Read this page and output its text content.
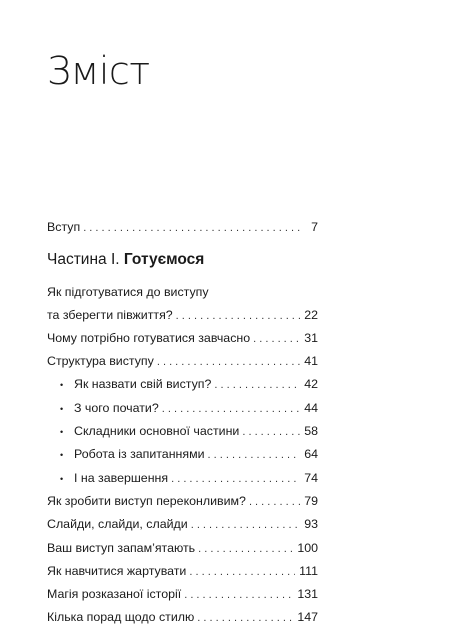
Зміст
Вступ . . .	7
Частина І. Готуємося
Як підготуватися до виступу
та зберегти півжиття? . . .	22
Чому потрібно готуватися завчасно . . .	31
Структура виступу . . .	41
• Як назвати свій виступ? . . .	42
• З чого почати? . . .	44
• Складники основної частини . . .	58
• Робота із запитаннями . . .	64
• І на завершення . . .	74
Як зробити виступ переконливим? . . .	79
Слайди, слайди, слайди . . .	93
Ваш виступ запам’ятають . . .	100
Як навчитися жартувати . . .	111
Магія розказаної історії . . .	131
Кілька порад щодо стилю . . .	147
